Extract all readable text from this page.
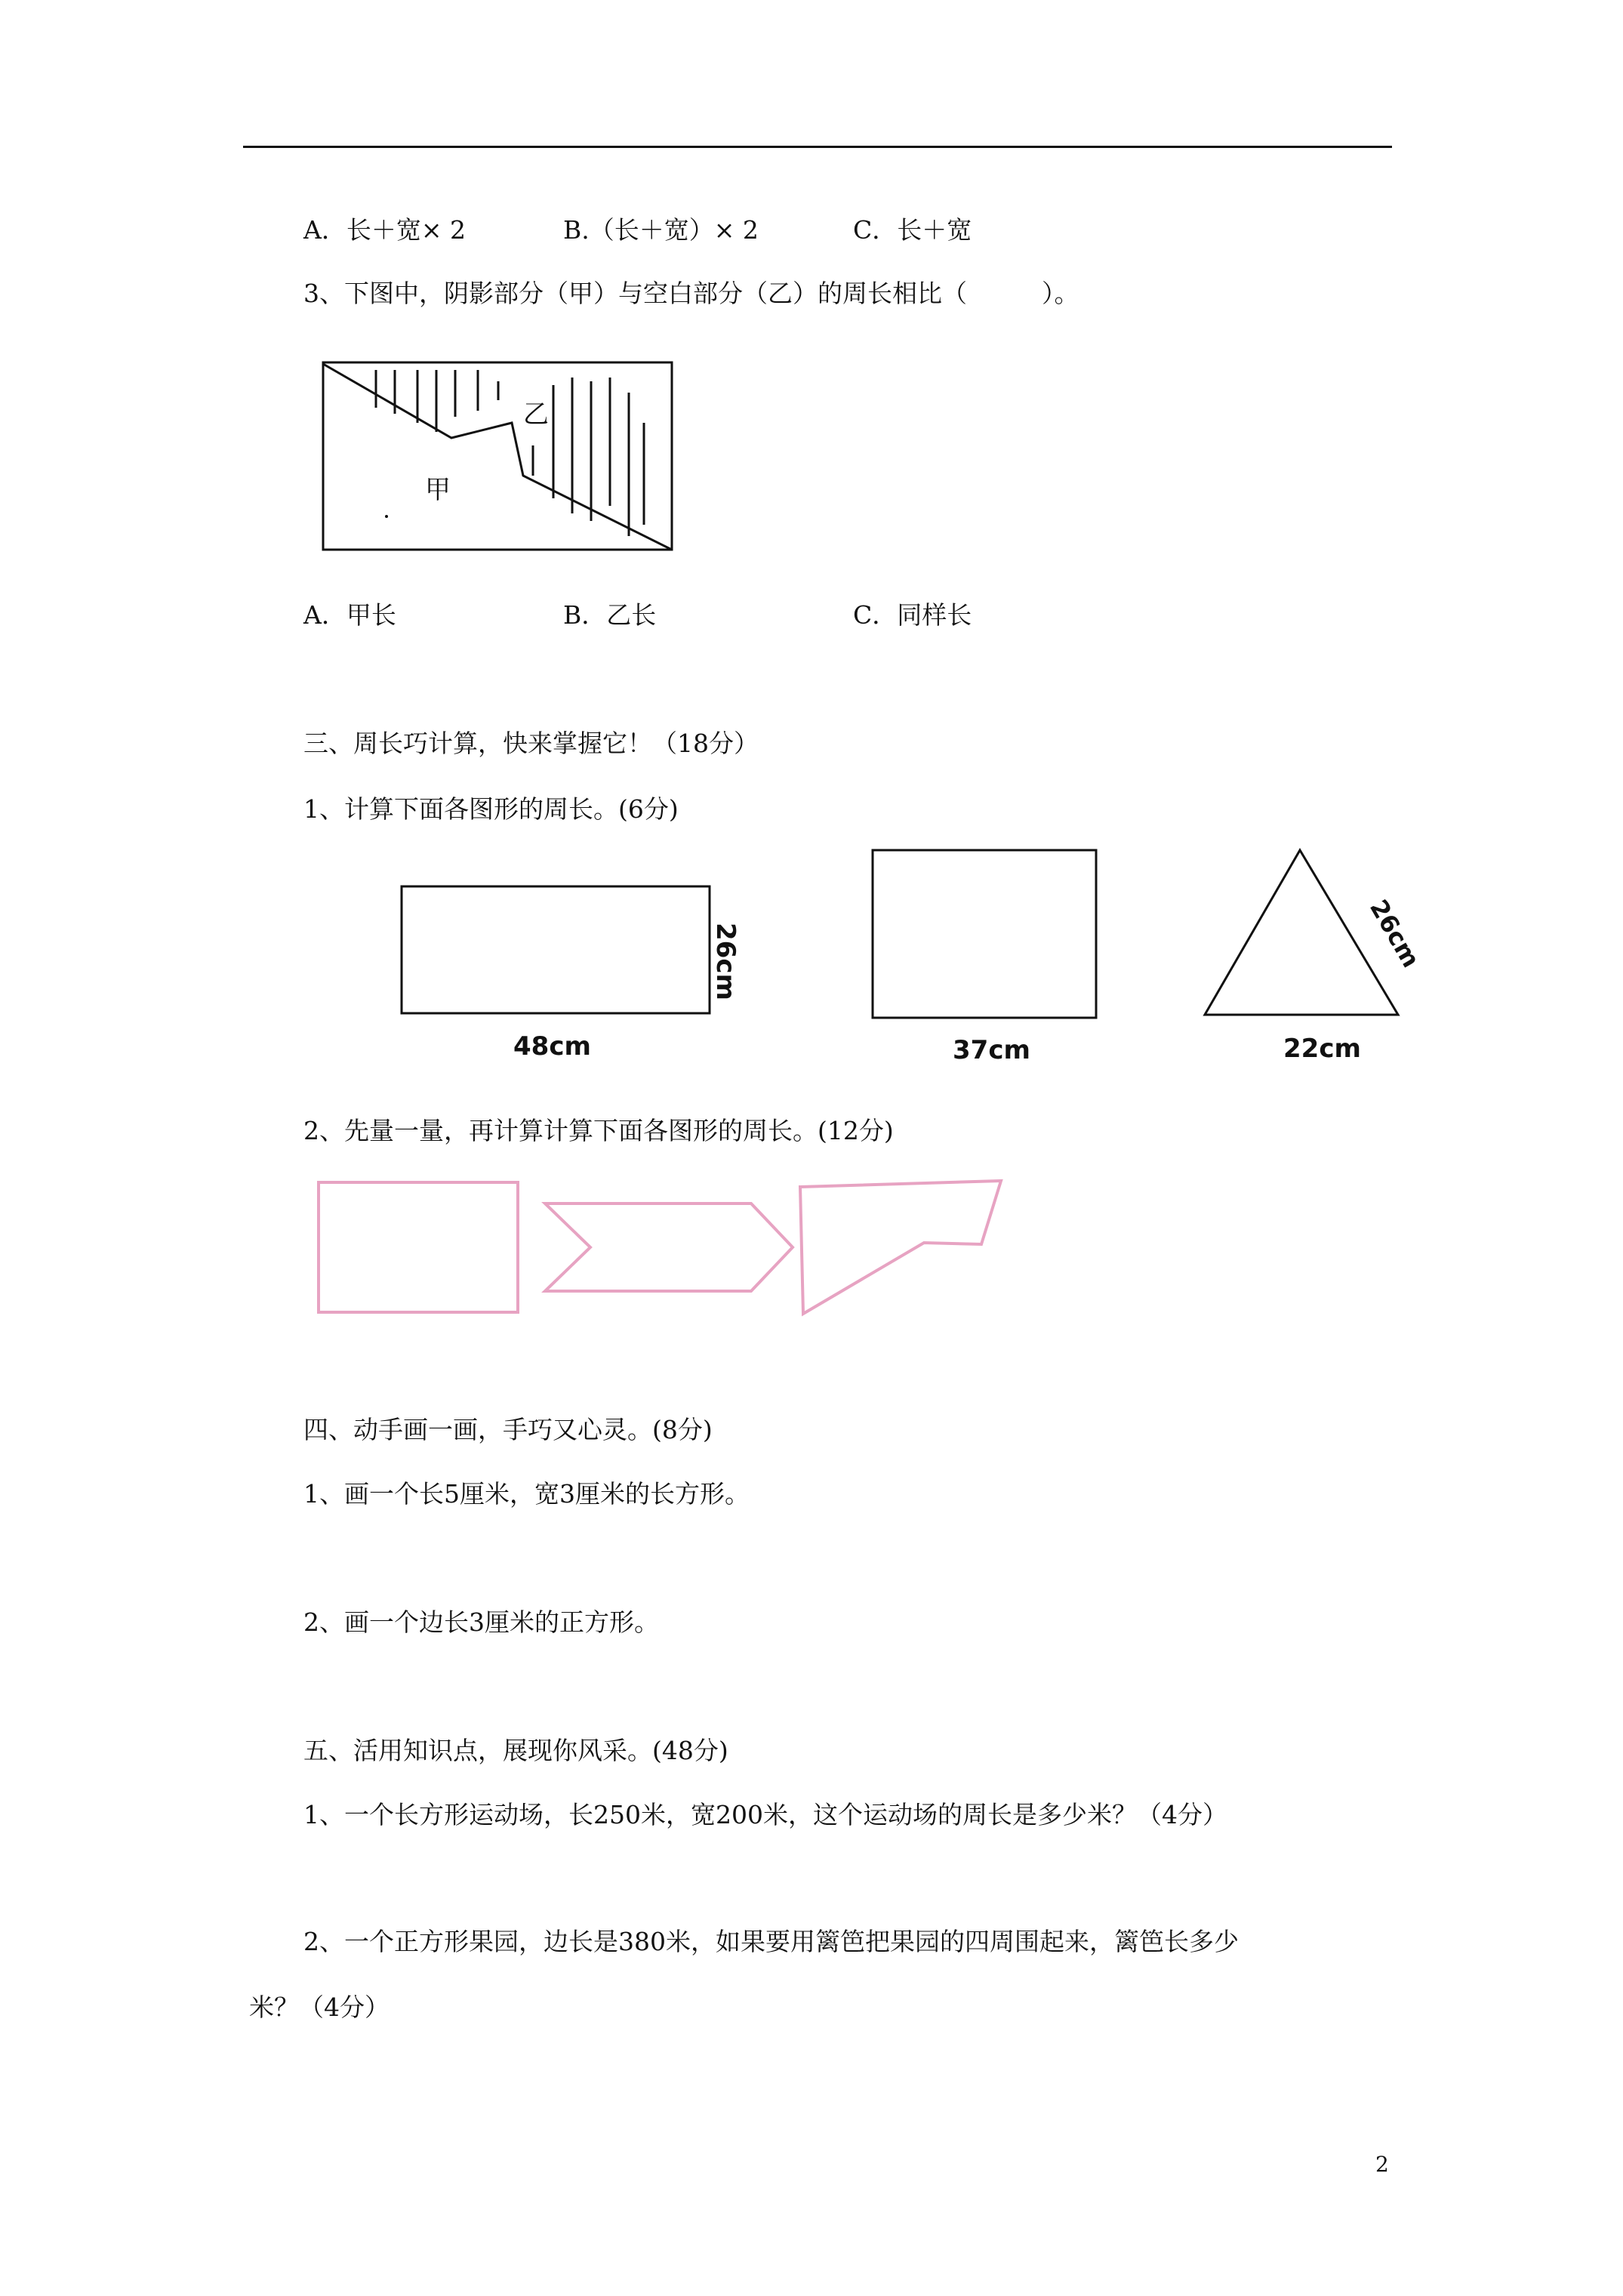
A．长＋宽× 2	B.（长＋宽）× 2	C．长＋宽
3、下图中，阴影部分（甲）与空白部分（乙）的周长相比（　　　）。
乙
甲
A．甲长	B．乙长	C．同样长
三、周长巧计算，快来掌握它！（18分）
1、计算下面各图形的周长。(6分)
48cm
26cm
37cm
26cm
22cm
2、先量一量，再计算计算下面各图形的周长。(12分)
四、动手画一画，手巧又心灵。(8分)
1、画一个长5厘米，宽3厘米的长方形。
2、画一个边长3厘米的正方形。
五、活用知识点，展现你风采。(48分)
1、一个长方形运动场，长250米，宽200米，这个运动场的周长是多少米？（4分）
2、一个正方形果园，边长是380米，如果要用篱笆把果园的四周围起来，篱笆长多少
米？（4分）
2
